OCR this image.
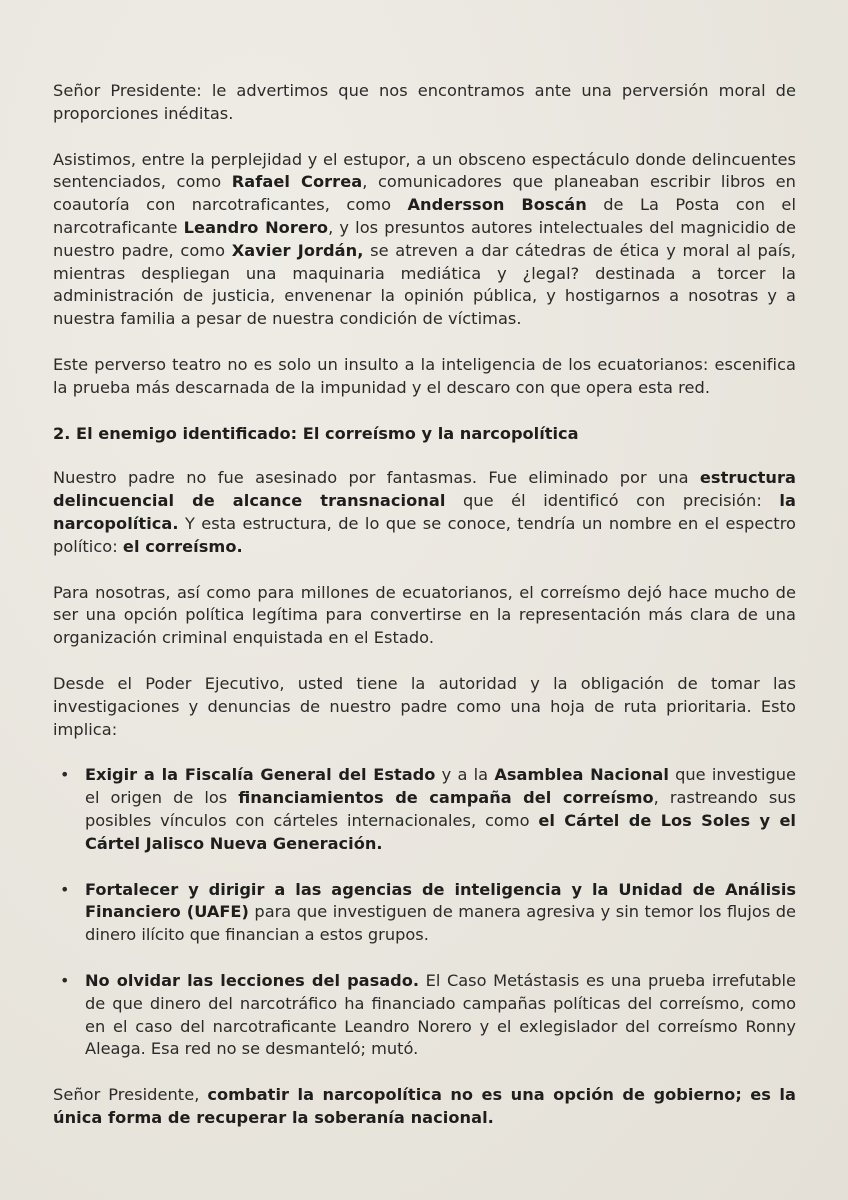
Señor Presidente: le advertimos que nos encontramos ante una perversión moral de proporciones inéditas.

Asistimos, entre la perplejidad y el estupor, a un obsceno espectáculo donde delincuentes sentenciados, como Rafael Correa, comunicadores que planeaban escribir libros en coautoría con narcotraficantes, como Andersson Boscán de La Posta con el narcotraficante Leandro Norero, y los presuntos autores intelectuales del magnicidio de nuestro padre, como Xavier Jordán, se atreven a dar cátedras de ética y moral al país, mientras despliegan una maquinaria mediática y ¿legal? destinada a torcer la administración de justicia, envenenar la opinión pública, y hostigarnos a nosotras y a nuestra familia a pesar de nuestra condición de víctimas.

Este perverso teatro no es solo un insulto a la inteligencia de los ecuatorianos: escenifica la prueba más descarnada de la impunidad y el descaro con que opera esta red.

2. El enemigo identificado: El correísmo y la narcopolítica

Nuestro padre no fue asesinado por fantasmas. Fue eliminado por una estructura delincuencial de alcance transnacional que él identificó con precisión: la narcopolítica. Y esta estructura, de lo que se conoce, tendría un nombre en el espectro político: el correísmo.

Para nosotras, así como para millones de ecuatorianos, el correísmo dejó hace mucho de ser una opción política legítima para convertirse en la representación más clara de una organización criminal enquistada en el Estado.

Desde el Poder Ejecutivo, usted tiene la autoridad y la obligación de tomar las investigaciones y denuncias de nuestro padre como una hoja de ruta prioritaria. Esto implica:

• Exigir a la Fiscalía General del Estado y a la Asamblea Nacional que investigue el origen de los financiamientos de campaña del correísmo, rastreando sus posibles vínculos con cárteles internacionales, como el Cártel de Los Soles y el Cártel Jalisco Nueva Generación.
• Fortalecer y dirigir a las agencias de inteligencia y la Unidad de Análisis Financiero (UAFE) para que investiguen de manera agresiva y sin temor los flujos de dinero ilícito que financian a estos grupos.
• No olvidar las lecciones del pasado. El Caso Metástasis es una prueba irrefutable de que dinero del narcotráfico ha financiado campañas políticas del correísmo, como en el caso del narcotraficante Leandro Norero y el exlegislador del correísmo Ronny Aleaga. Esa red no se desmanteló; mutó.

Señor Presidente, combatir la narcopolítica no es una opción de gobierno; es la única forma de recuperar la soberanía nacional.
